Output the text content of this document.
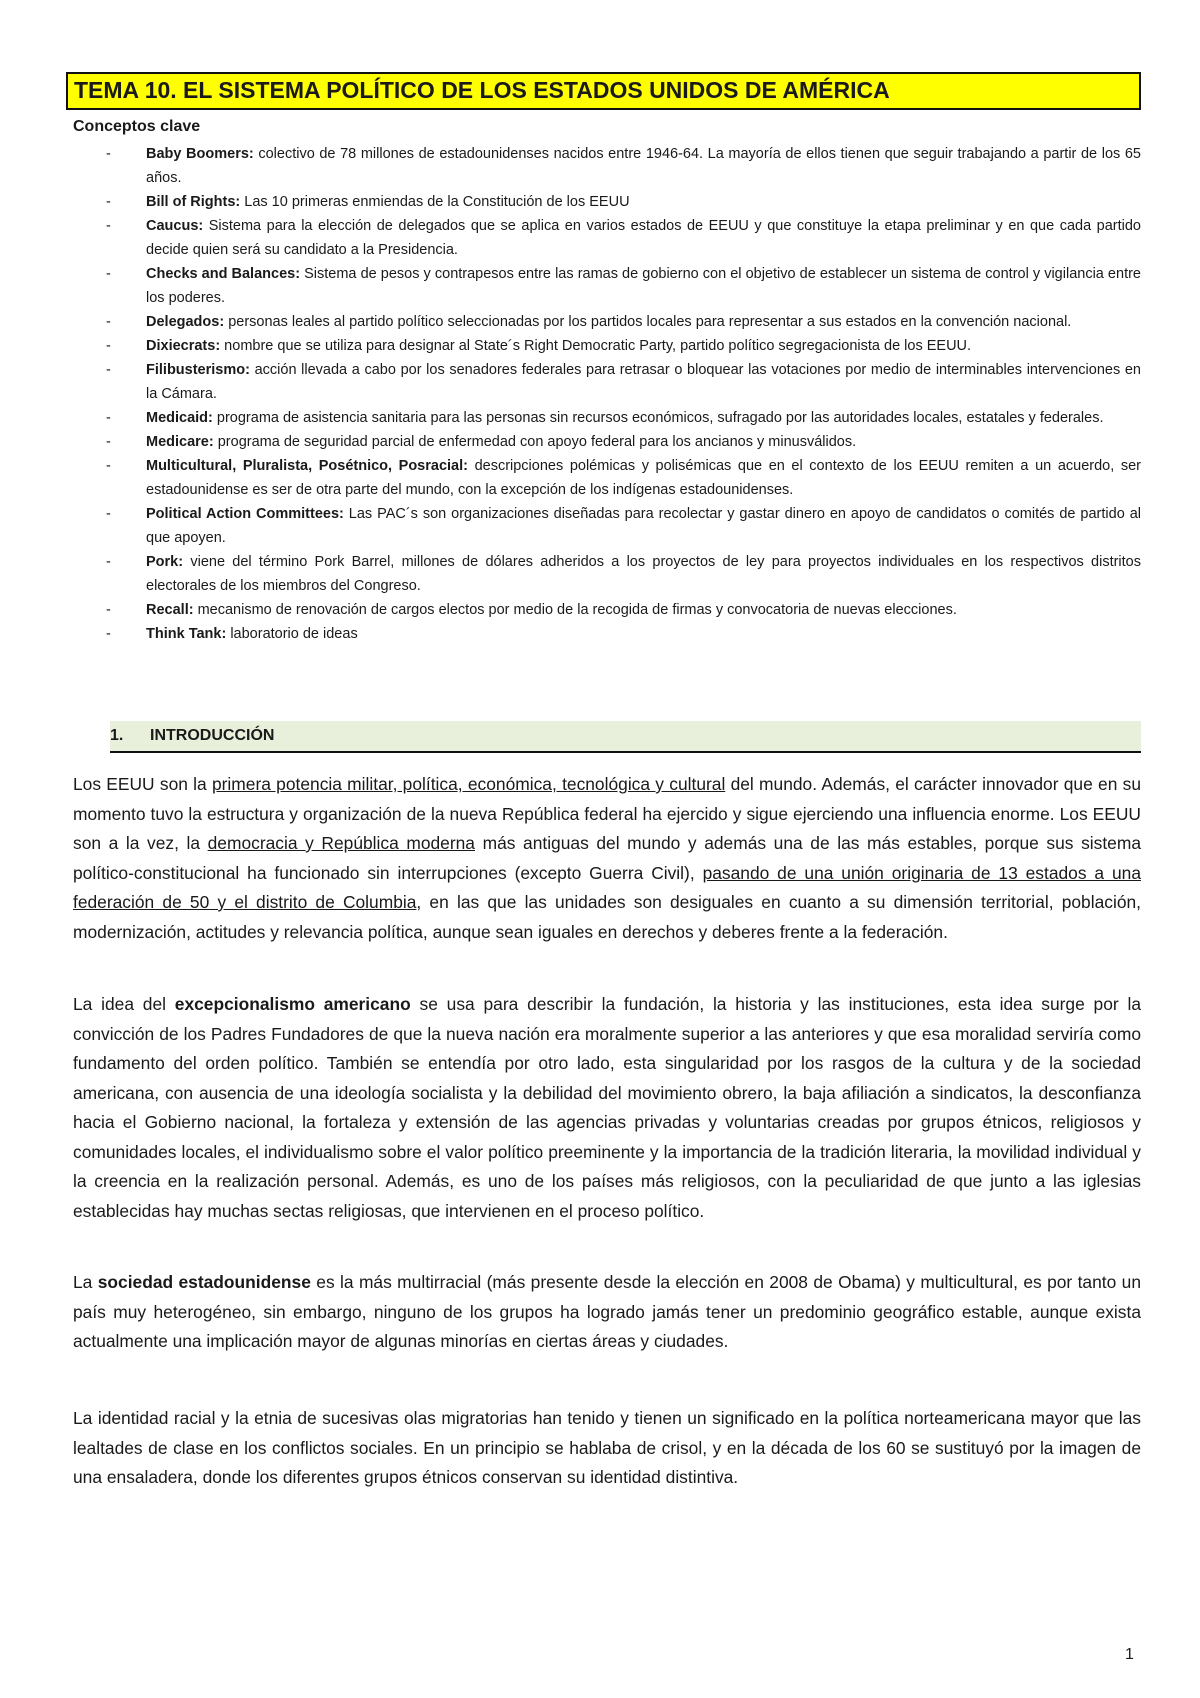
TEMA 10. EL SISTEMA POLÍTICO DE LOS ESTADOS UNIDOS DE AMÉRICA
Conceptos clave
- Baby Boomers: colectivo de 78 millones de estadounidenses nacidos entre 1946-64. La mayoría de ellos tienen que seguir trabajando a partir de los 65 años.
- Bill of Rights: Las 10 primeras enmiendas de la Constitución de los EEUU
- Caucus: Sistema para la elección de delegados que se aplica en varios estados de EEUU y que constituye la etapa preliminar y en que cada partido decide quien será su candidato a la Presidencia.
- Checks and Balances: Sistema de pesos y contrapesos entre las ramas de gobierno con el objetivo de establecer un sistema de control y vigilancia entre los poderes.
- Delegados: personas leales al partido político seleccionadas por los partidos locales para representar a sus estados en la convención nacional.
- Dixiecrats: nombre que se utiliza para designar al State´s Right Democratic Party, partido político segregacionista de los EEUU.
- Filibusterismo: acción llevada a cabo por los senadores federales para retrasar o bloquear las votaciones por medio de interminables intervenciones en la Cámara.
- Medicaid: programa de asistencia sanitaria para las personas sin recursos económicos, sufragado por las autoridades locales, estatales y federales.
- Medicare: programa de seguridad parcial de enfermedad con apoyo federal para los ancianos y minusválidos.
- Multicultural, Pluralista, Posétnico, Posracial: descripciones polémicas y polisémicas que en el contexto de los EEUU remiten a un acuerdo, ser estadounidense es ser de otra parte del mundo, con la excepción de los indígenas estadounidenses.
- Political Action Committees: Las PAC´s son organizaciones diseñadas para recolectar y gastar dinero en apoyo de candidatos o comités de partido al que apoyen.
- Pork: viene del término Pork Barrel, millones de dólares adheridos a los proyectos de ley para proyectos individuales en los respectivos distritos electorales de los miembros del Congreso.
- Recall: mecanismo de renovación de cargos electos por medio de la recogida de firmas y convocatoria de nuevas elecciones.
- Think Tank: laboratorio de ideas
1. INTRODUCCIÓN

Los EEUU son la primera potencia militar, política, económica, tecnológica y cultural del mundo. Además, el carácter innovador que en su momento tuvo la estructura y organización de la nueva República federal ha ejercido y sigue ejerciendo una influencia enorme. Los EEUU son a la vez, la democracia y República moderna más antiguas del mundo y además una de las más estables, porque sus sistema político-constitucional ha funcionado sin interrupciones (excepto Guerra Civil), pasando de una unión originaria de 13 estados a una federación de 50 y el distrito de Columbia, en las que las unidades son desiguales en cuanto a su dimensión territorial, población, modernización, actitudes y relevancia política, aunque sean iguales en derechos y deberes frente a la federación.

La idea del excepcionalismo americano se usa para describir la fundación, la historia y las instituciones, esta idea surge por la convicción de los Padres Fundadores de que la nueva nación era moralmente superior a las anteriores y que esa moralidad serviría como fundamento del orden político. También se entendía por otro lado, esta singularidad por los rasgos de la cultura y de la sociedad americana, con ausencia de una ideología socialista y la debilidad del movimiento obrero, la baja afiliación a sindicatos, la desconfianza hacia el Gobierno nacional, la fortaleza y extensión de las agencias privadas y voluntarias creadas por grupos étnicos, religiosos y comunidades locales, el individualismo sobre el valor político preeminente y la importancia de la tradición literaria, la movilidad individual y la creencia en la realización personal. Además, es uno de los países más religiosos, con la peculiaridad de que junto a las iglesias establecidas hay muchas sectas religiosas, que intervienen en el proceso político.

La sociedad estadounidense es la más multirracial (más presente desde la elección en 2008 de Obama) y multicultural, es por tanto un país muy heterogéneo, sin embargo, ninguno de los grupos ha logrado jamás tener un predominio geográfico estable, aunque exista actualmente una implicación mayor de algunas minorías en ciertas áreas y ciudades.

La identidad racial y la etnia de sucesivas olas migratorias han tenido y tienen un significado en la política norteamericana mayor que las lealtades de clase en los conflictos sociales. En un principio se hablaba de crisol, y en la década de los 60 se sustituyó por la imagen de una ensaladera, donde los diferentes grupos étnicos conservan su identidad distintiva.

1
